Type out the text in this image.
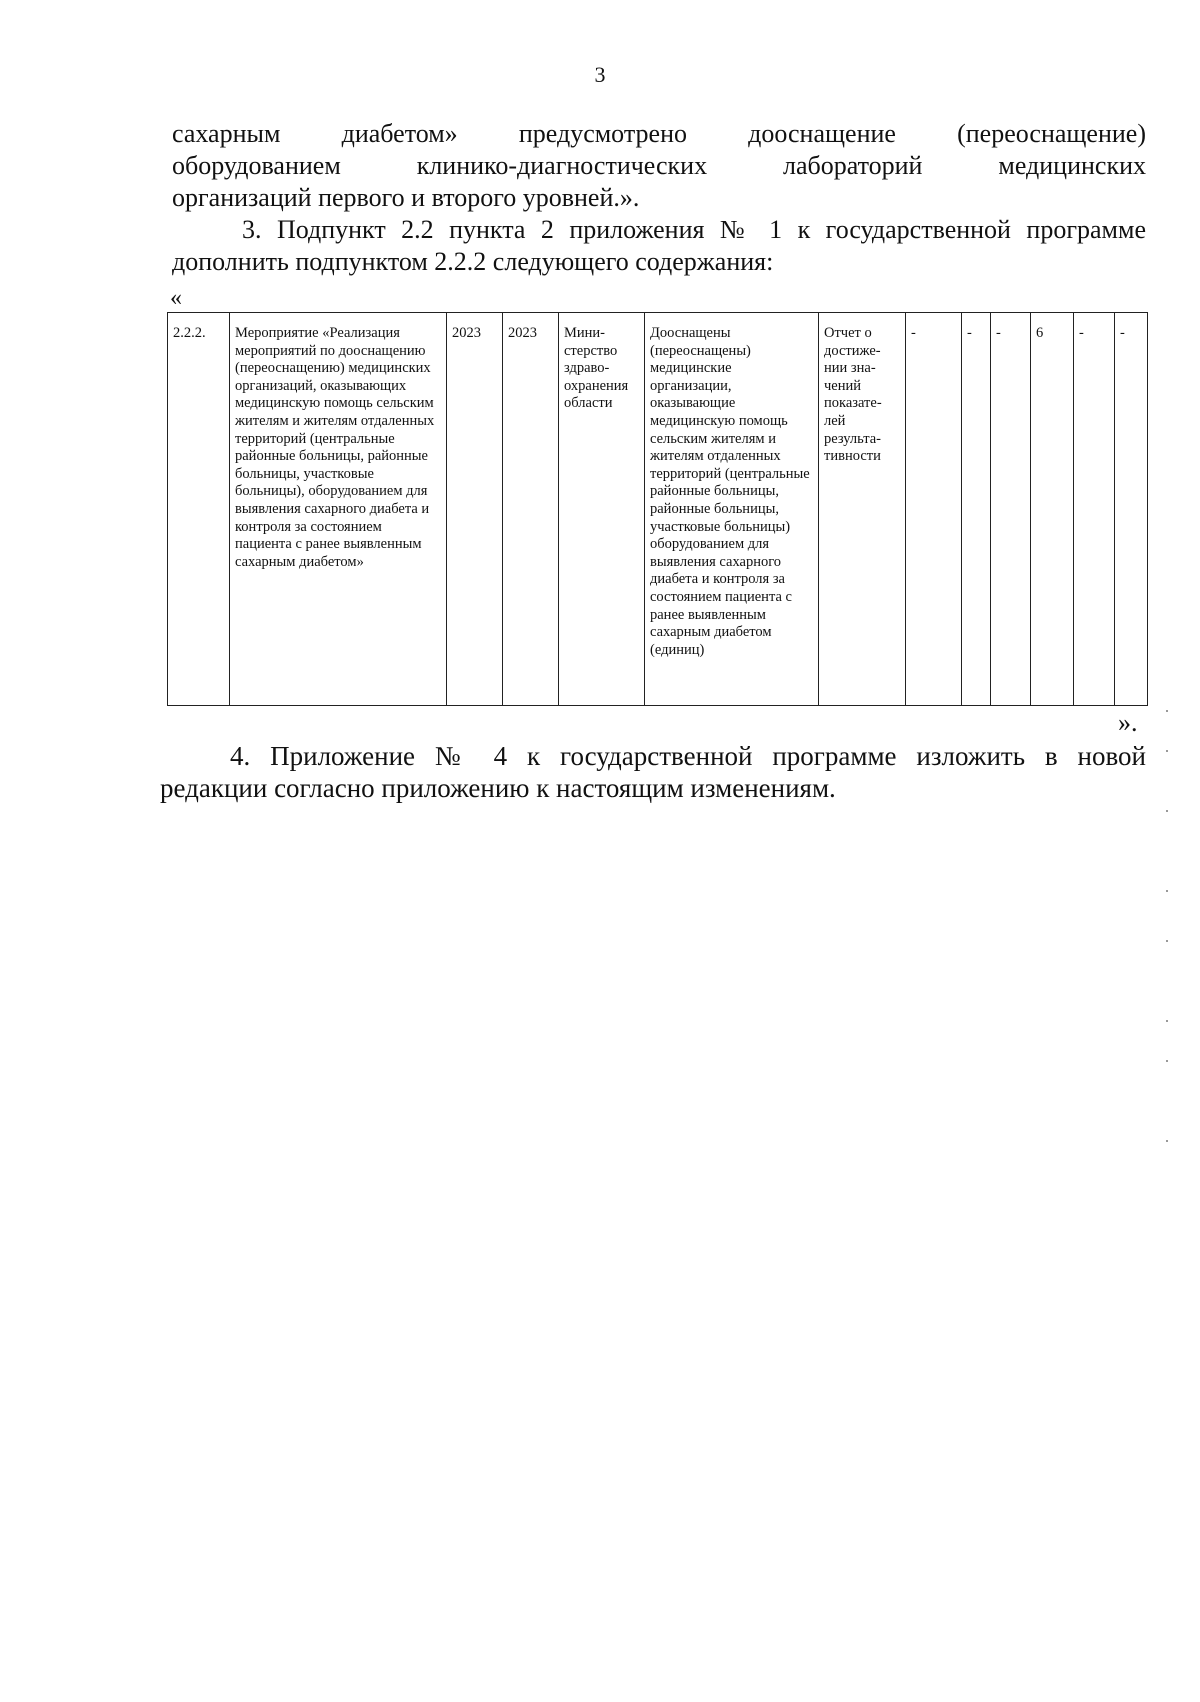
3

сахарным диабетом» предусмотрено дооснащение (переоснащение)
оборудованием клинико-диагностических лабораторий медицинских
организаций первого и второго уровней.».

3. Подпункт 2.2 пункта 2 приложения № 1 к государственной программе
дополнить подпунктом 2.2.2 следующего содержания:

«
2.2.2.	Мероприятие «Реализация мероприятий по дооснащению (переоснащению) медицинских организаций, оказывающих медицинскую помощь сельским жителям и жителям отдаленных территорий (центральные районные больницы, районные больницы, участковые больницы), оборудованием для выявления сахарного диабета и контроля за состоянием пациента с ранее выявленным сахарным диабетом»	2023	2023	Мини-стерство здраво-охранения области	Дооснащены (переоснащены) медицинские организации, оказывающие медицинскую помощь сельским жителям и жителям отдаленных территорий (центральные районные больницы, районные больницы, участковые больницы) оборудованием для выявления сахарного диабета и контроля за состоянием пациента с ранее выявленным сахарным диабетом (единиц)	Отчет о достиже-нии зна-чений показате-лей результа-тивности	-	-	-	6	-	-
».

4. Приложение № 4 к государственной программе изложить в новой
редакции согласно приложению к настоящим изменениям.
